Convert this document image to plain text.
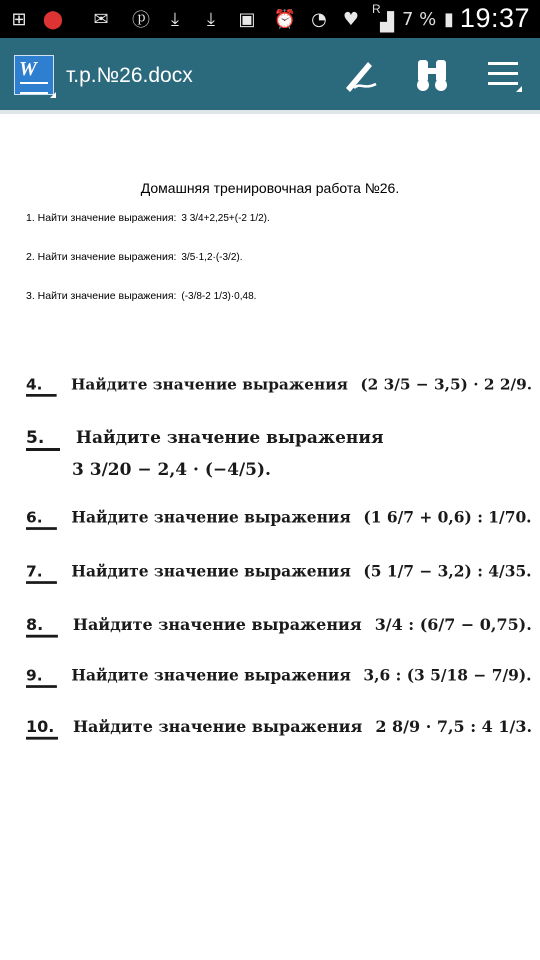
⊞ ⬤	✉	ⓟ	⤓	⤓	▣ ⏰ ◔ ♥	R
▟ 7 % ▮ 19:37
W т.р.№26.docx
Домашняя тренировочная работа №26.
1. Найти значение выражения: 3 3/4+2,25+(-2 1/2).
2. Найти значение выражения: 3/5·1,2·(-3/2).
3. Найти значение выражения: (-3/8-2 1/3)·0,48.
4. Найдите значение выражения (2 3/5 − 3,5) · 2 2/9.
5. Найдите значение выражения
3 3/20 − 2,4 · (−4/5).
6. Найдите значение выражения (1 6/7 + 0,6) : 1/70.
7. Найдите значение выражения (5 1/7 − 3,2) : 4/35.
8. Найдите значение выражения 3/4 : (6/7 − 0,75).
9. Найдите значение выражения 3,6 : (3 5/18 − 7/9).
10. Найдите значение выражения 2 8/9 · 7,5 : 4 1/3.
